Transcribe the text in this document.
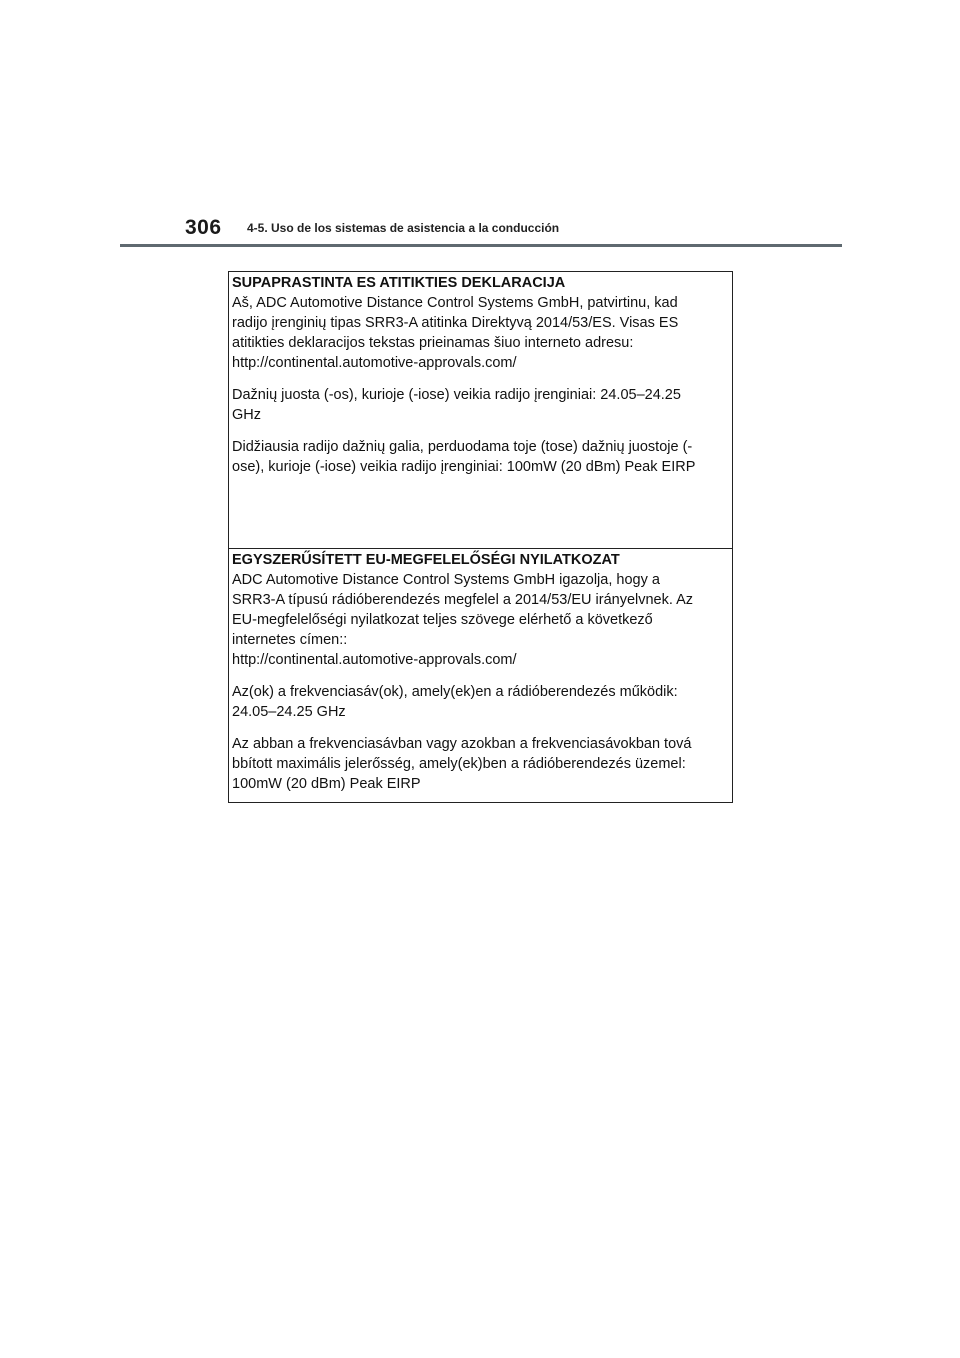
306	4-5. Uso de los sistemas de asistencia a la conducción

SUPAPRASTINTA ES ATITIKTIES DEKLARACIJA

Aš, ADC Automotive Distance Control Systems GmbH, patvirtinu, kad
radijo įrenginių tipas SRR3-A atitinka Direktyvą 2014/53/ES. Visas ES
atitikties deklaracijos tekstas prieinamas šiuo interneto adresu:
http://continental.automotive-approvals.com/

Dažnių juosta (-os), kurioje (-iose) veikia radijo įrenginiai: 24.05–24.25
GHz

Didžiausia radijo dažnių galia, perduodama toje (tose) dažnių juostoje (-
ose), kurioje (-iose) veikia radijo įrenginiai: 100mW (20 dBm) Peak EIRP

EGYSZERŰSÍTETT EU-MEGFELELŐSÉGI NYILATKOZAT

ADC Automotive Distance Control Systems GmbH igazolja, hogy a
SRR3-A típusú rádióberendezés megfelel a 2014/53/EU irányelvnek. Az
EU-megfelelőségi nyilatkozat teljes szövege elérhető a következő
internetes címen::
http://continental.automotive-approvals.com/

Az(ok) a frekvenciasáv(ok), amely(ek)en a rádióberendezés működik:
24.05–24.25 GHz

Az abban a frekvenciasávban vagy azokban a frekvenciasávokban tová
bbított maximális jelerősség, amely(ek)ben a rádióberendezés üzemel:
100mW (20 dBm) Peak EIRP
